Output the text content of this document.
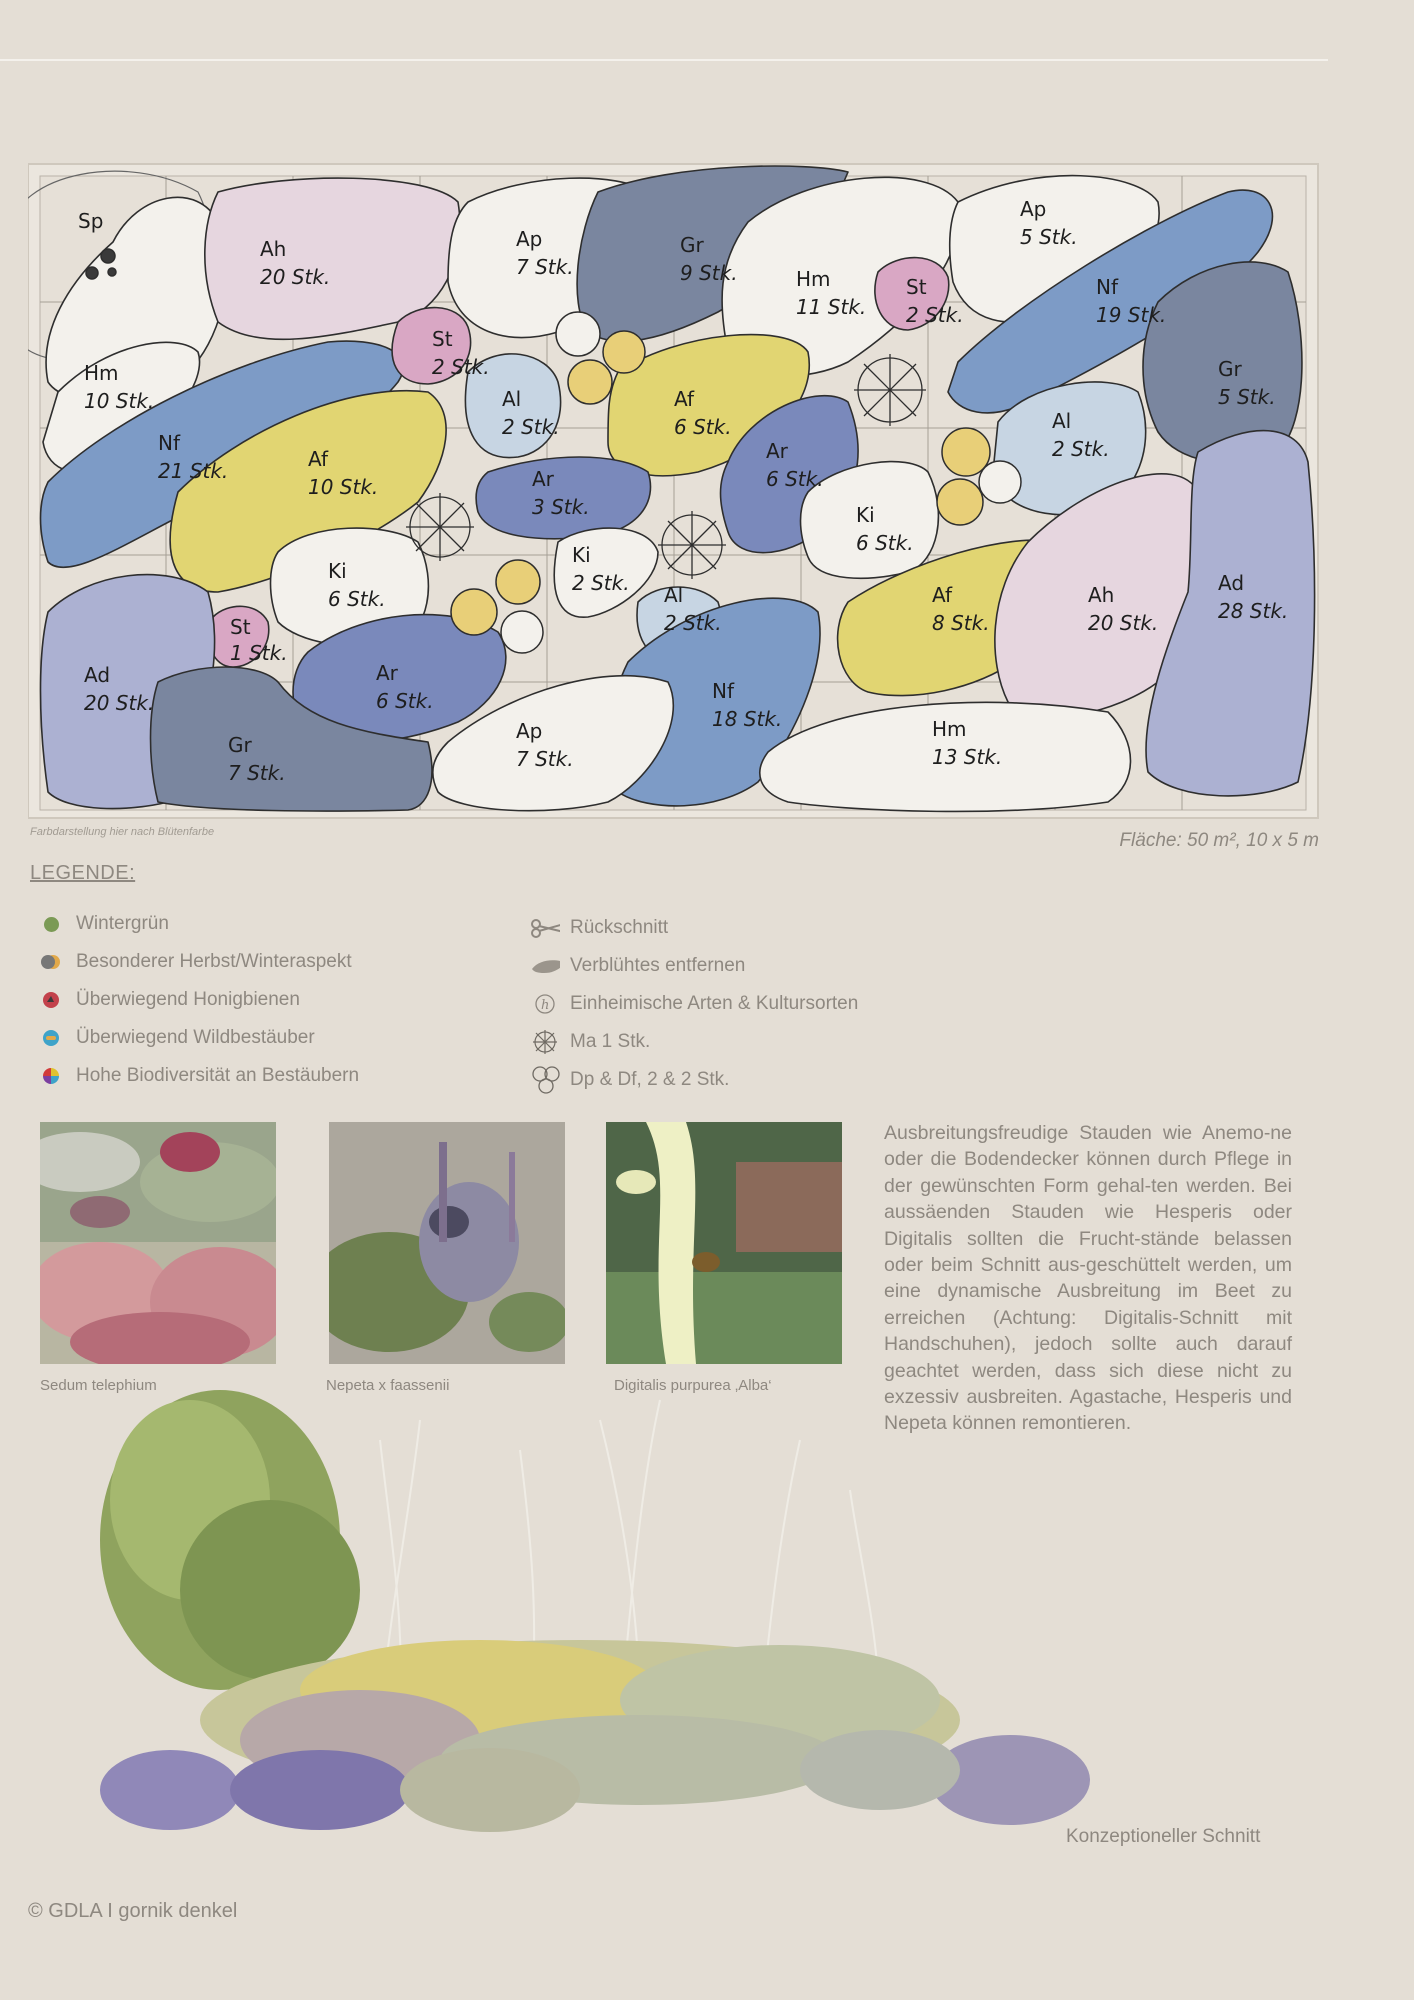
Sp
Ah
20 Stk.
Ap
7 Stk.
Gr
9 Stk.	Hm
11 Stk.
St
2 Stk.
Ap
5 Stk.
Nf
19 Stk.
Gr
5 Stk.
Hm
10 Stk.
St
2 Stk.
Al
2 Stk.
Af
6 Stk.	Al
2 Stk.
Nf
21 Stk.	Af
10 Stk.	Ar
3 Stk.
Ar
6 Stk.
Ki
6 Stk.
Ki
6 Stk.
Ki
2 Stk. Al
2 Stk.
Af
8 Stk.
Ah
20 Stk.
Ad
28 Stk.
St
1 Stk.
Ad
20 Stk.
Ar
6 Stk.	Nf
18 Stk.
Gr
7 Stk.
Ap
7 Stk.
Hm
13 Stk.
Farbdarstellung hier nach Blütenfarbe	Fläche: 50 m², 10 x 5 m
LEGENDE:
Wintergrün
Besonderer Herbst/Winteraspekt
Überwiegend Honigbienen
Überwiegend Wildbestäuber
Hohe Biodiversität an Bestäubern
Rückschnitt
Verblühtes entfernen
h Einheimische Arten & Kultursorten
Ma 1 Stk.
Dp & Df, 2 & 2 Stk.
Sedum telephium	Nepeta x faassenii	Digitalis purpurea ‚Alba‘
Ausbreitungsfreudige Stauden wie Anemo-ne oder die Bodendecker können durch Pflege in der gewünschten Form gehal-ten werden. Bei aussäenden Stauden wie Hesperis oder Digitalis sollten die Frucht-stände belassen oder beim Schnitt aus-geschüttelt werden, um eine dynamische Ausbreitung im Beet zu erreichen (Achtung: Digitalis-Schnitt mit Handschuhen), jedoch sollte auch darauf geachtet werden, dass sich diese nicht zu exzessiv ausbreiten. Agastache, Hesperis und Nepeta können remontieren.
Konzeptioneller Schnitt
© GDLA I gornik denkel
